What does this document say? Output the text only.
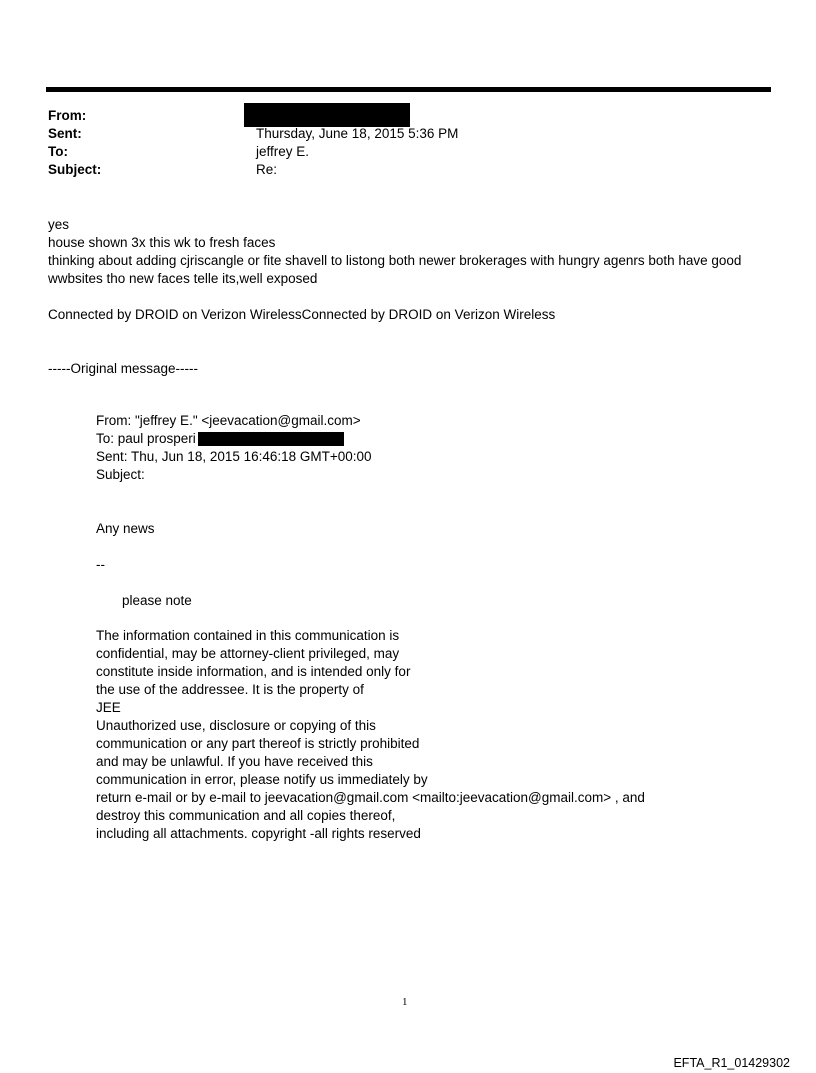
From:
Sent:	Thursday, June 18, 2015 5:36 PM
To:	jeffrey E.
Subject:	Re:
yes
house shown 3x this wk to fresh faces
thinking about adding cjriscangle or fite shavell to listong both newer brokerages with hungry agenrs both have good
wwbsites tho new faces telle its,well exposed
Connected by DROID on Verizon WirelessConnected by DROID on Verizon Wireless
-----Original message-----
From: "jeffrey E." <jeevacation@gmail.com>
To: paul prosperi
Sent: Thu, Jun 18, 2015 16:46:18 GMT+00:00
Subject:
Any news
--
please note
The information contained in this communication is
confidential, may be attorney-client privileged, may
constitute inside information, and is intended only for
the use of the addressee. It is the property of
JEE
Unauthorized use, disclosure or copying of this
communication or any part thereof is strictly prohibited
and may be unlawful. If you have received this
communication in error, please notify us immediately by
return e-mail or by e-mail to jeevacation@gmail.com <mailto:jeevacation@gmail.com> , and
destroy this communication and all copies thereof,
including all attachments. copyright -all rights reserved
1
EFTA_R1_01429302
